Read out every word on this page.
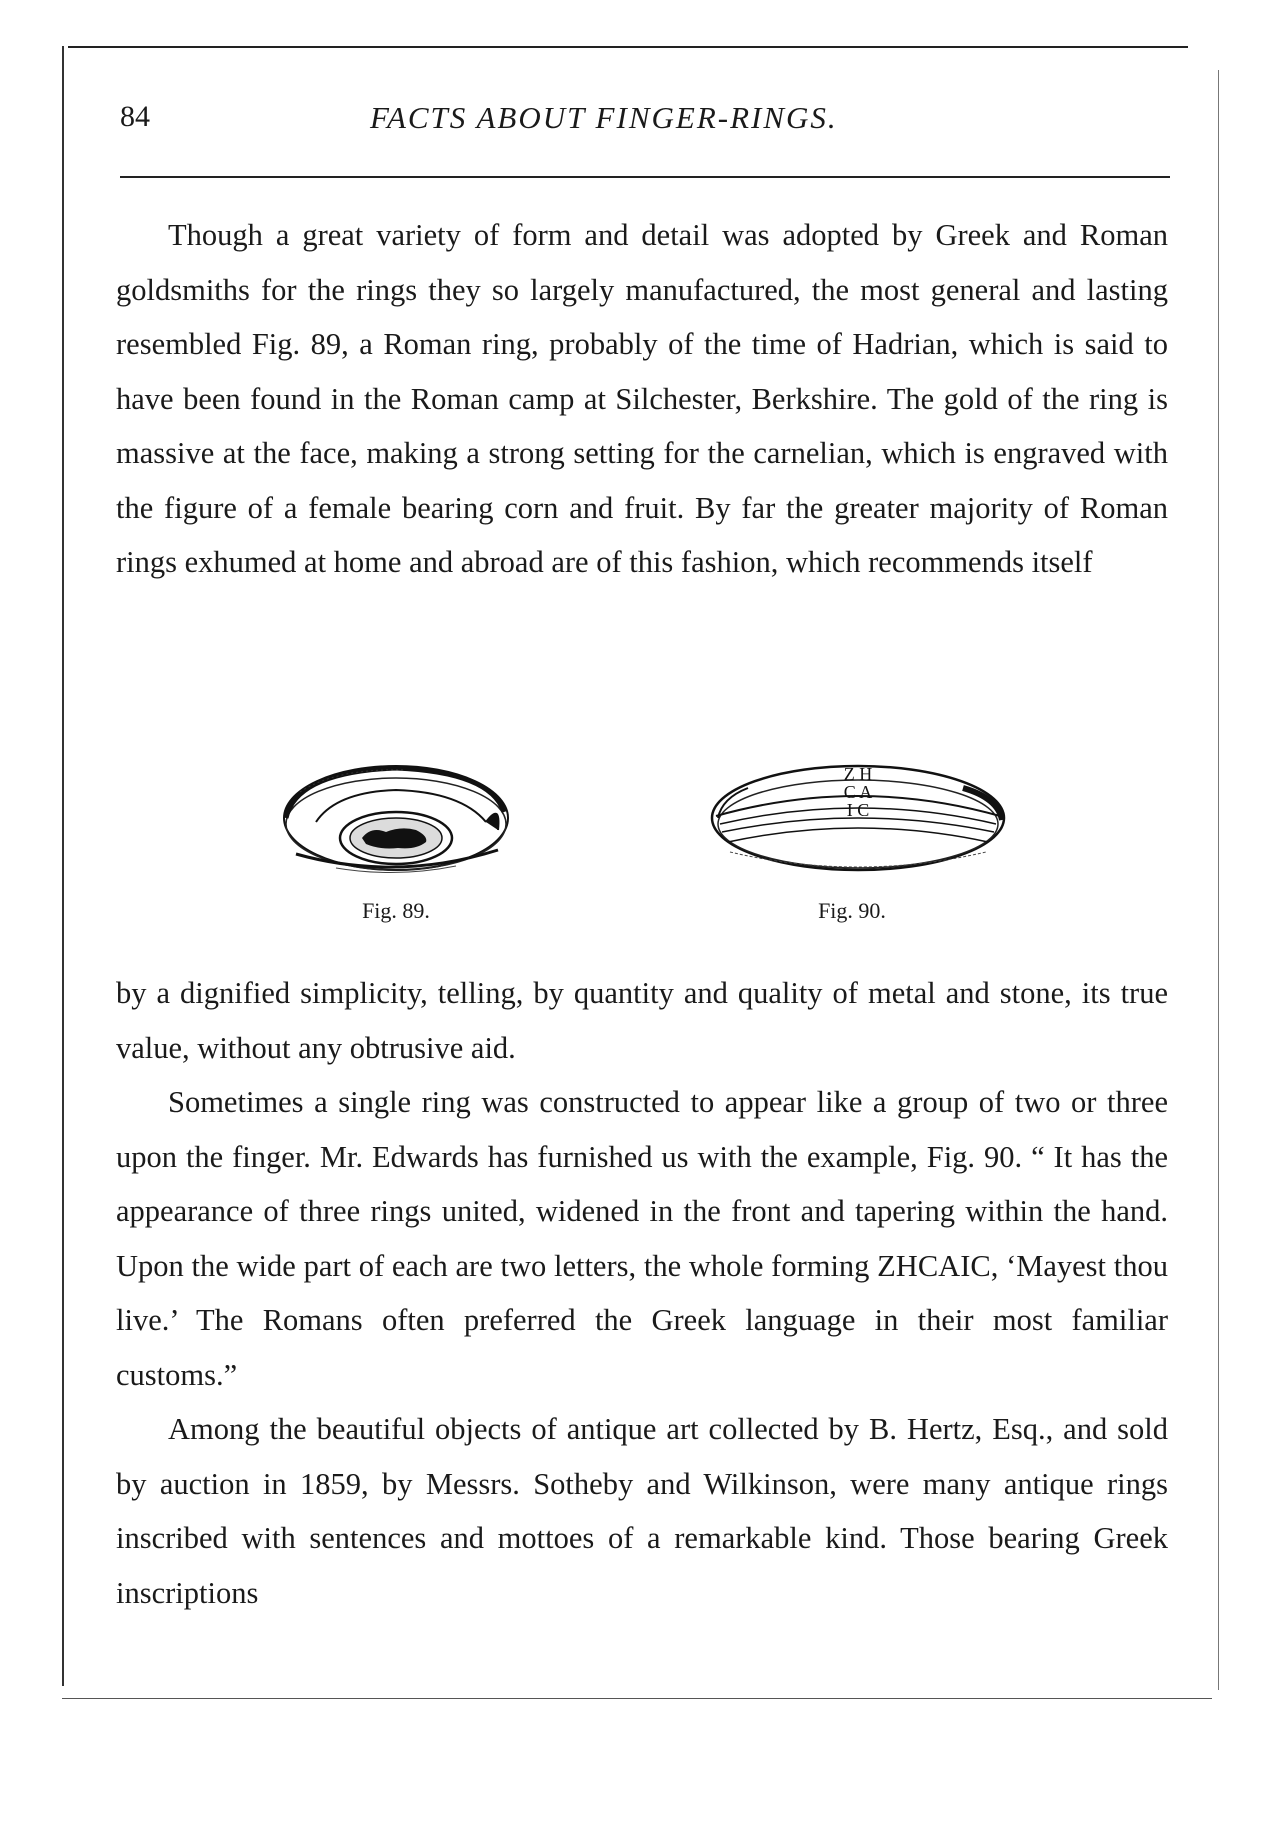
84	FACTS ABOUT FINGER-RINGS.

Though a great variety of form and detail was adopted by Greek and Roman goldsmiths for the rings they so largely manufactured, the most general and lasting resembled Fig. 89, a Roman ring, probably of the time of Hadrian, which is said to have been found in the Roman camp at Silchester, Berkshire. The gold of the ring is massive at the face, making a strong setting for the carnelian, which is engraved with the figure of a female bearing corn and fruit. By far the greater majority of Roman rings exhumed at home and abroad are of this fashion, which recommends itself

Fig. 89.
Z H
C A
I C
Fig. 90.

by a dignified simplicity, telling, by quantity and quality of metal and stone, its true value, without any obtrusive aid.

Sometimes a single ring was constructed to appear like a group of two or three upon the finger. Mr. Edwards has furnished us with the example, Fig. 90. “ It has the appearance of three rings united, widened in the front and tapering within the hand. Upon the wide part of each are two letters, the whole forming ZHCAIC, ‘Mayest thou live.’ The Romans often preferred the Greek language in their most familiar customs.”

Among the beautiful objects of antique art collected by B. Hertz, Esq., and sold by auction in 1859, by Messrs. Sotheby and Wilkinson, were many antique rings inscribed with sentences and mottoes of a remarkable kind. Those bearing Greek inscriptions
